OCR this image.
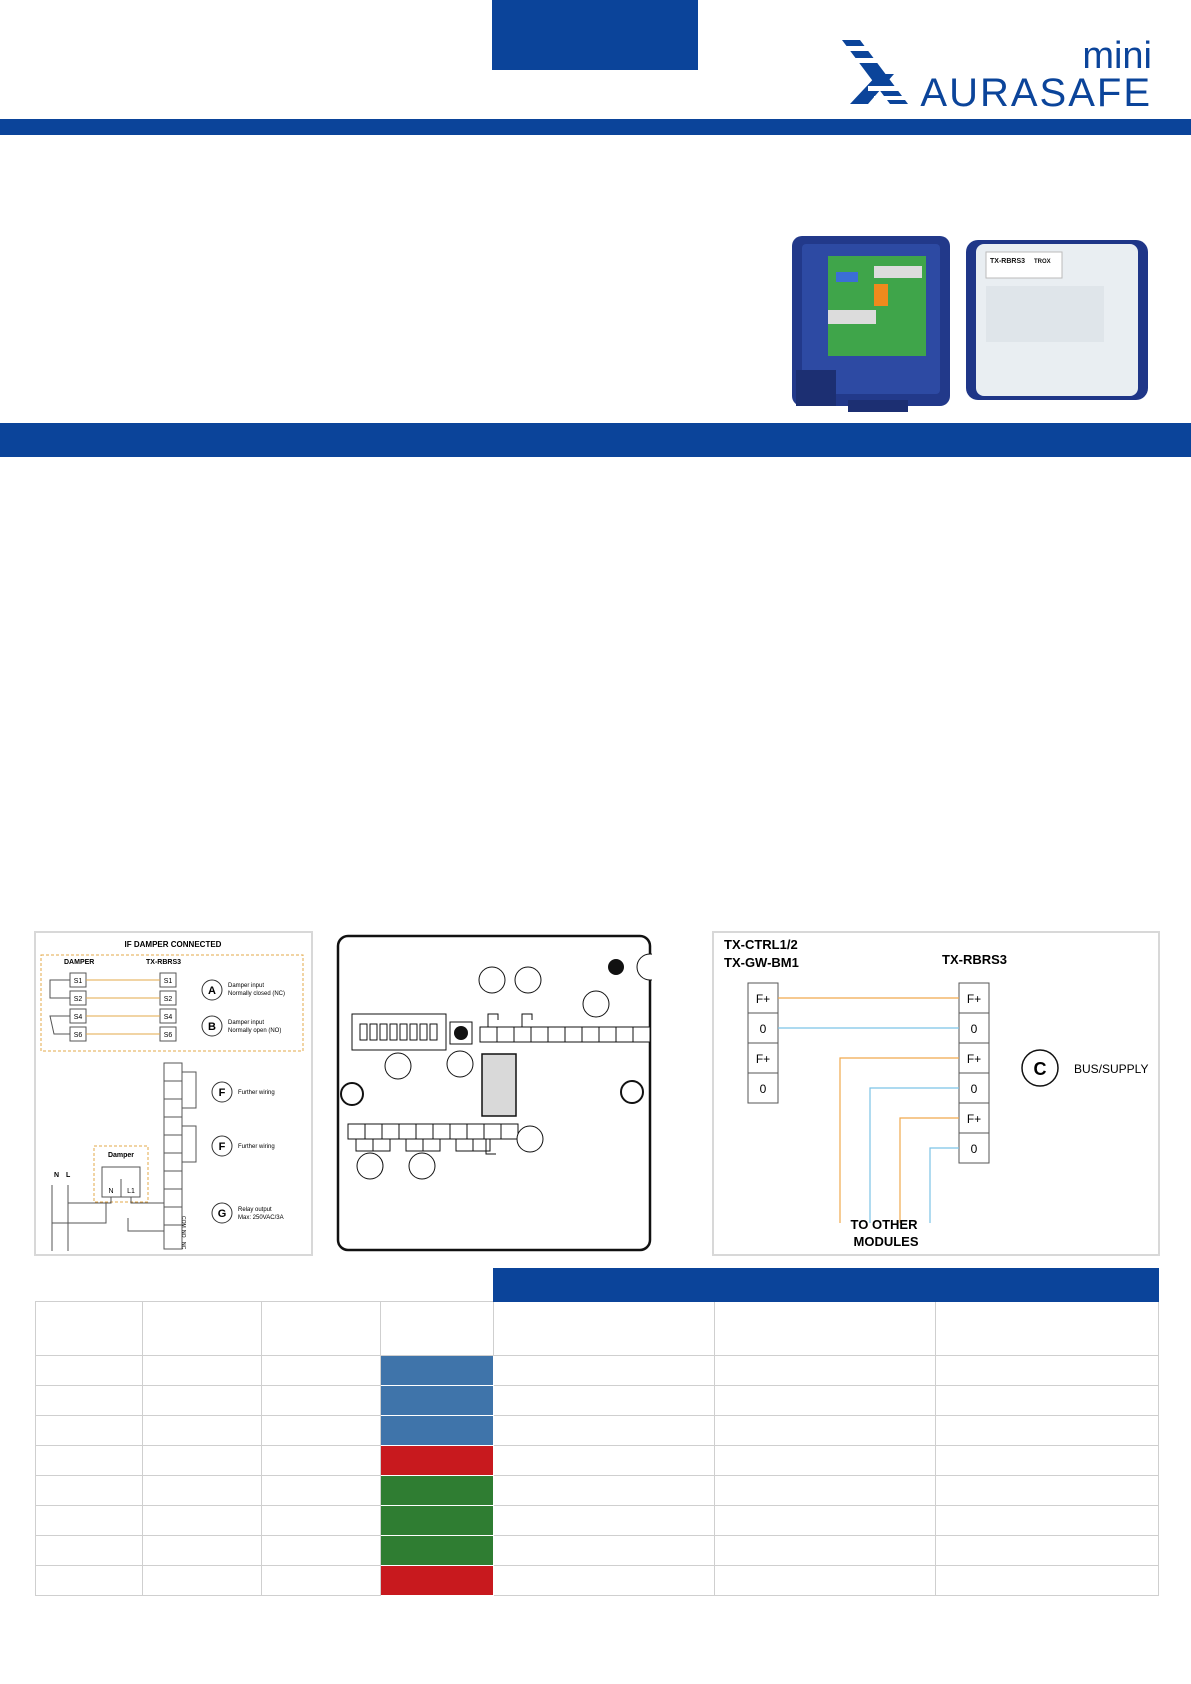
mini
AURASAFE
TX-RBRS3 TROX
IF DAMPER CONNECTED
DAMPER	TX-RBRS3
S1
S2
S4
S6
S1
S2
S4
S6
A Damper input
Normally closed (NC)
B Damper input
Normally open (NO)
COM
NO
NC
F Further wiring
F Further wiring
G Relay output
Max: 250VAC/3A
Damper
N L1
N L
TX-CTRL1/2
TX-GW-BM1	TX-RBRS3
F+
0
F+
0
F+
0
F+
0
F+
0
C BUS/SUPPLY
TO OTHER
MODULES
